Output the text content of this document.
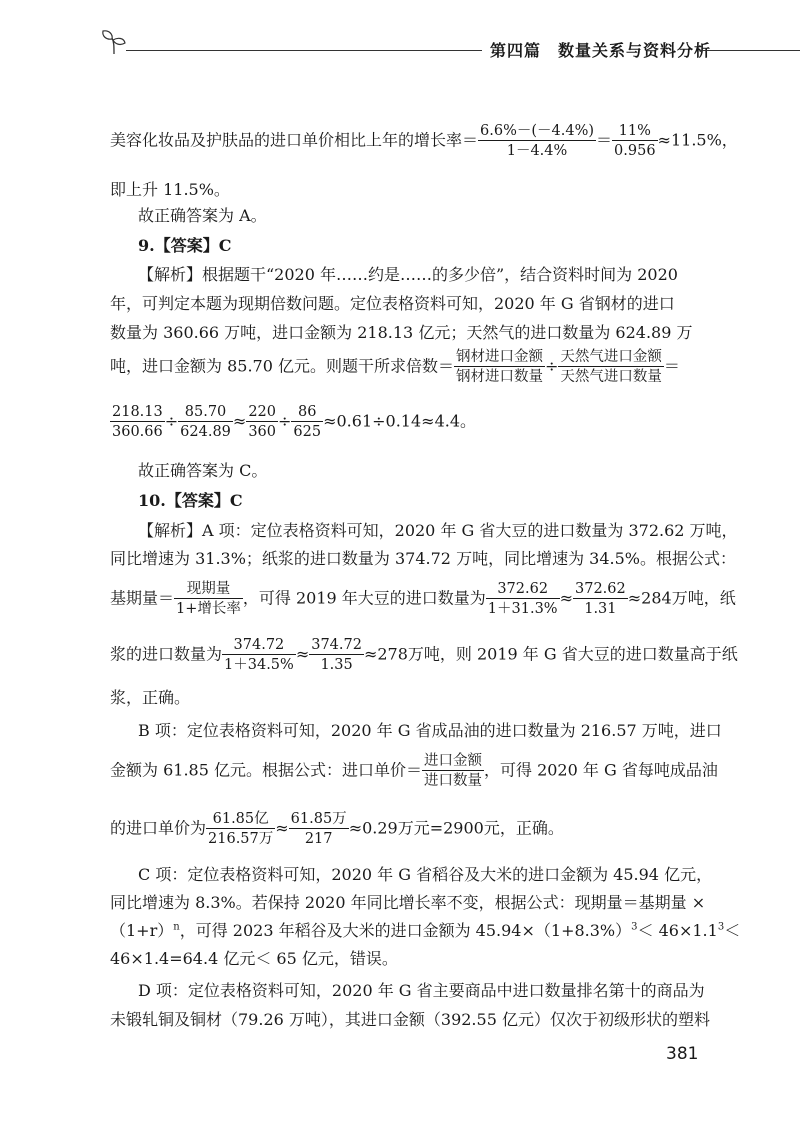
第四篇　数量关系与资料分析
美容化妆品及护肤品的进口单价相比上年的增长率＝ $\frac{6.6\%-(-4.4\%)}{1-4.4\%} = \frac{11\%}{0.956} \approx 11.5\%$，
即上升 11.5%。
故正确答案为 A。
9.【答案】C
【解析】根据题干“2020 年……约是……的多少倍”，结合资料时间为 2020
年，可判定本题为现期倍数问题。定位表格资料可知，2020 年 G 省钢材的进口
数量为 360.66 万吨，进口金额为 218.13 亿元；天然气的进口数量为 624.89 万
吨，进口金额为 85.70 亿元。则题干所求倍数＝ $\frac{\text{钢材进口金额}}{\text{钢材进口数量}} \div \frac{\text{天然气进口金额}}{\text{天然气进口数量}}$ ＝
$\frac{218.13}{360.66} \div \frac{85.70}{624.89} \approx \frac{220}{360} \div \frac{86}{625} \approx 0.61\div 0.14\approx 4.4$。
故正确答案为 C。
10.【答案】C
【解析】A 项：定位表格资料可知，2020 年 G 省大豆的进口数量为 372.62 万吨，
同比增速为 31.3%；纸浆的进口数量为 374.72 万吨，同比增速为 34.5%。根据公式：
基期量＝ $\frac{\text{现期量}}{\text{1+增长率}}$ ，可得 2019 年大豆的进口数量为 $\frac{372.62}{1+31.3\%} \approx \frac{372.62}{1.31} \approx 284$万吨，纸
浆的进口数量为 $\frac{374.72}{1+34.5\%} \approx \frac{374.72}{1.35} \approx 278$万吨，则 2019 年 G 省大豆的进口数量高于纸
浆，正确。
B 项：定位表格资料可知，2020 年 G 省成品油的进口数量为 216.57 万吨，进口
金额为 61.85 亿元。根据公式：进口单价＝ $\frac{\text{进口金额}}{\text{进口数量}}$ ，可得 2020 年 G 省每吨成品油
的进口单价为 $\frac{\text{61.85亿}}{\text{216.57万}} \approx \frac{\text{61.85万}}{217} \approx 0.29$万元=2900元，正确。
C 项：定位表格资料可知，2020 年 G 省稻谷及大米的进口金额为 45.94 亿元，
同比增速为 8.3%。若保持 2020 年同比增长率不变，根据公式：现期量＝基期量 ×
$(1+r)^n$，可得 2023 年稻谷及大米的进口金额为 $45.94\times(1+8.3\%)^3< 46\times 1.1^3<$
46×1.4=64.4 亿元＜ 65 亿元，错误。
D 项：定位表格资料可知，2020 年 G 省主要商品中进口数量排名第十的商品为
未锻轧铜及铜材（79.26 万吨），其进口金额（392.55 亿元）仅次于初级形状的塑料
381
